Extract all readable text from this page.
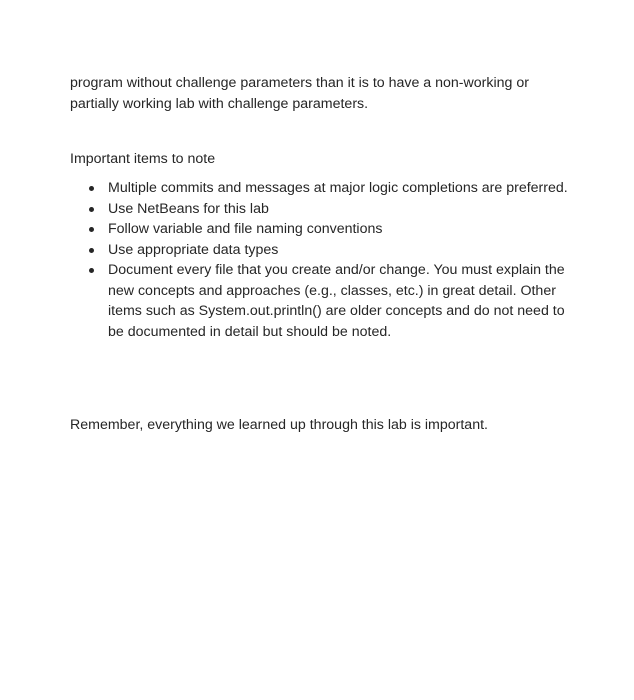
program without challenge parameters than it is to have a non-working or partially working lab with challenge parameters.

Important items to note

Multiple commits and messages at major logic completions are preferred.
Use NetBeans for this lab
Follow variable and file naming conventions
Use appropriate data types
Document every file that you create and/or change. You must explain the new concepts and approaches (e.g., classes, etc.) in great detail. Other items such as System.out.println() are older concepts and do not need to be documented in detail but should be noted.

Remember, everything we learned up through this lab is important.
